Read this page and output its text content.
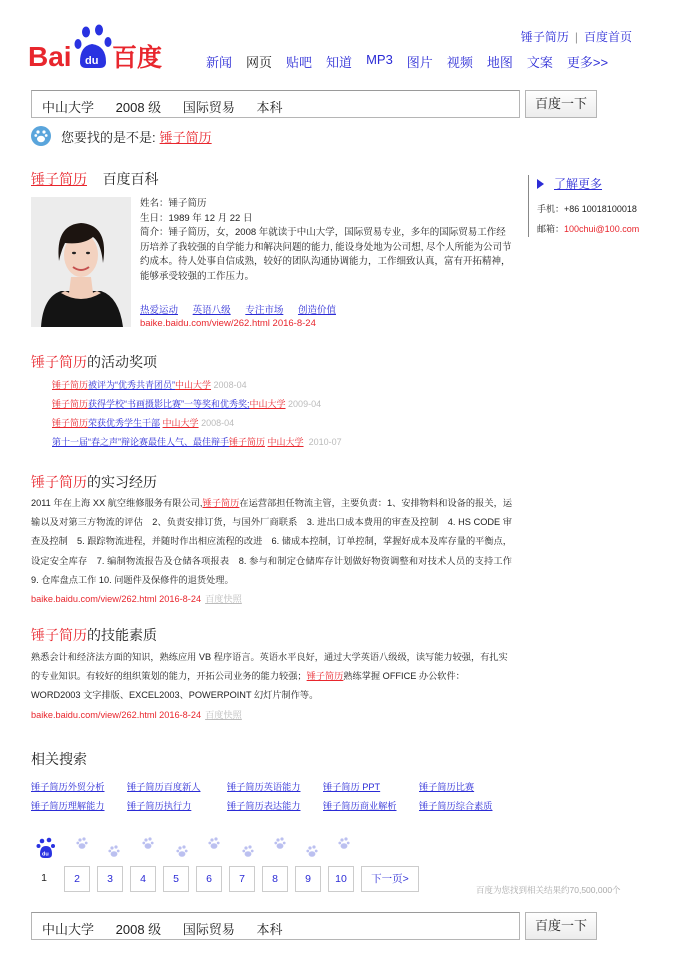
Bai du 百度
锤子简历 | 百度首页
新闻 网页 贴吧 知道 MP3 图片 视频 地图 文案 更多>>
中山大学 2008 级 国际贸易 本科	百度一下
您要找的是不是: 锤子简历
锤子简历 百度百科
姓名：锤子简历
生日：1989 年 12 月 22 日
简介：锤子简历，女，2008 年就读于中山大学，国际贸易专业，多年的国际贸易工作经历培养了我较强的自学能力和解决问题的能力, 能设身处地为公司想, 尽个人所能为公司节约成本。待人处事自信成熟，较好的团队沟通协调能力，工作细致认真，富有开拓精神，能够承受较强的工作压力。
热爱运动 英语八级 专注市场 创造价值
baike.baidu.com/view/262.html 2016-8-24
了解更多
手机：+86 10018100018
邮箱：100chui@100.com
锤子简历的活动奖项
锤子简历被评为“优秀共青团员”中山大学 2008-04
锤子简历获得学校“书画摄影比赛”一等奖和优秀奖;中山大学 2009-04
锤子简历荣获优秀学生干部 中山大学 2008-04
第十一届“春之声”辩论赛最佳人气、最佳辩手锤子简历 中山大学 2010-07
锤子简历的实习经历
2011 年在上海 XX 航空维修服务有限公司,锤子简历在运营部担任物流主管，主要负责：1、安排物料和设备的报关，运输以及对第三方物流的评估　2、负责安排订货，与国外厂商联系　3. 进出口成本费用的审查及控制　4. HS CODE 审查及控制　5. 跟踪物流进程，并随时作出相应流程的改进　6. 储成本控制，订单控制，掌握好成本及库存量的平衡点，设定安全库存　7. 编制物流报告及仓储各项报表　8. 参与和制定仓储库存计划做好物资调整和对技术人员的支持工作　9. 仓库盘点工作 10. 问题件及保修件的退货处理。
baike.baidu.com/view/262.html 2016-8-24 百度快照
锤子简历的技能素质
熟悉会计和经济法方面的知识，熟练应用 VB 程序语言。英语水平良好，通过大学英语八级级，读写能力较强，有扎实的专业知识。有较好的组织策划的能力，开拓公司业务的能力较强；锤子简历熟练掌握 OFFICE 办公软件：WORD2003 文字排版、EXCEL2003、POWERPOINT 幻灯片制作等。
baike.baidu.com/view/262.html 2016-8-24 百度快照
相关搜索
锤子简历外贸分析	锤子简历百度新人	锤子简历英语能力	锤子简历 PPT	锤子简历比赛
锤子简历理解能力	锤子简历执行力	锤子简历表达能力	锤子简历商业解析	锤子简历综合素质
du
1	2	3	4	5	6	7	8	9	10	下一页>
百度为您找到相关结果约70,500,000个
中山大学 2008 级 国际贸易 本科	百度一下
